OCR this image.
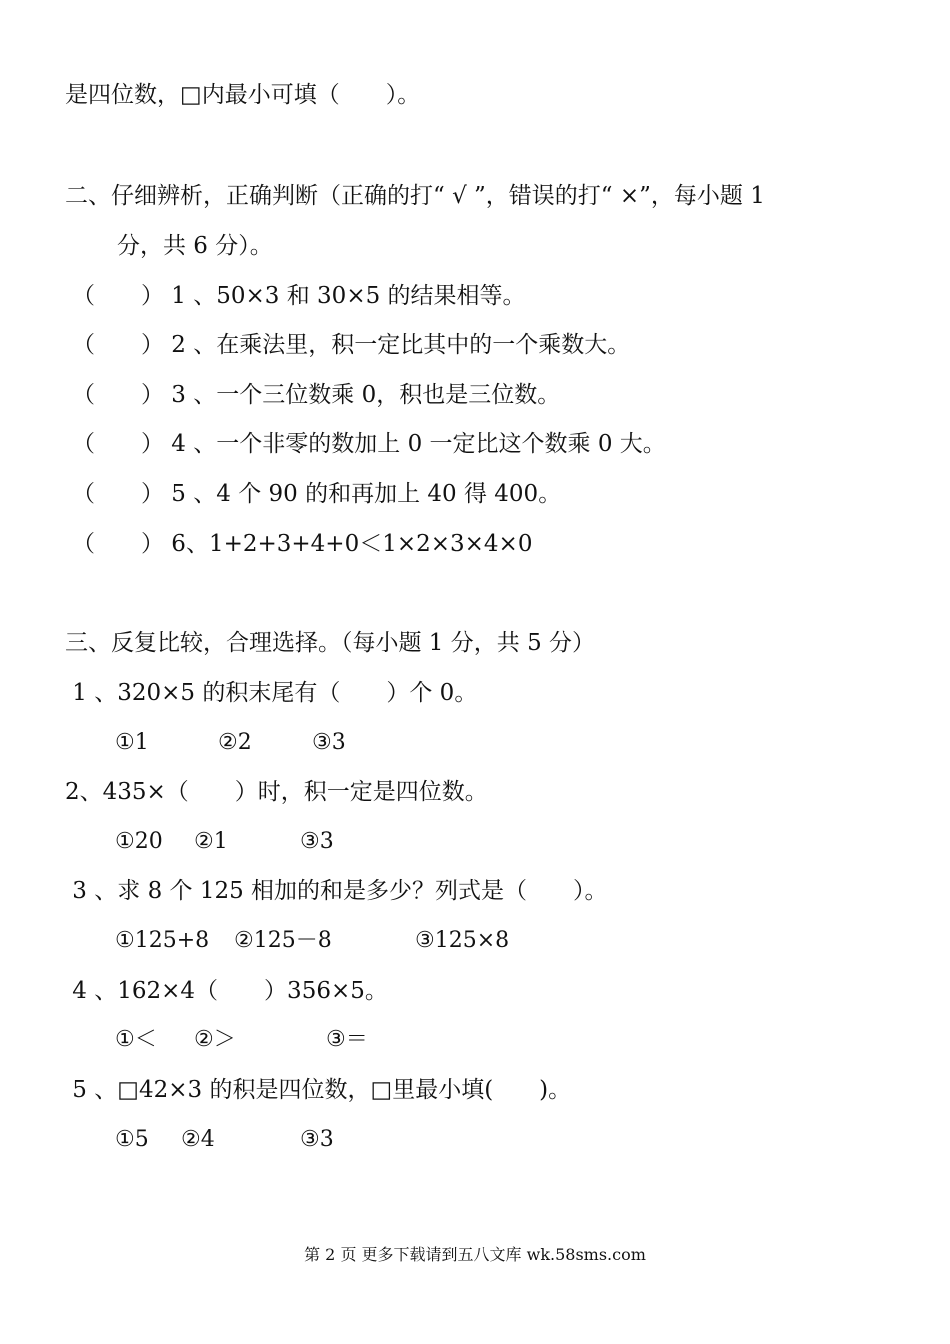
是四位数，□内最小可填（　　）。
二、仔细辨析，正确判断（正确的打“ √ ”，错误的打“ ×”，每小题 1
分，共 6 分）。
（　　） 1 、50×3 和 30×5 的结果相等。
（　　） 2 、在乘法里，积一定比其中的一个乘数大。
（　　） 3 、一个三位数乘 0，积也是三位数。
（　　） 4 、一个非零的数加上 0 一定比这个数乘 0 大。
（　　） 5 、4 个 90 的和再加上 40 得 400。
（　　） 6、1+2+3+4+0＜1×2×3×4×0
三、反复比较，合理选择。（每小题 1 分，共 5 分）
1 、320×5 的积末尾有（　　）个 0。
①1	②2	③3
2、435×（　　）时，积一定是四位数。
①20 ②1	③3
3 、求 8 个 125 相加的和是多少？列式是（　　）。
①125+8 ②125－8	③125×8
4 、162×4（　　）356×5。
①＜ ②＞	③＝
5 、□42×3 的积是四位数，□里最小填(　　)。
①5 ②4	③3
第 2 页 更多下载请到五八文库 wk.58sms.com
